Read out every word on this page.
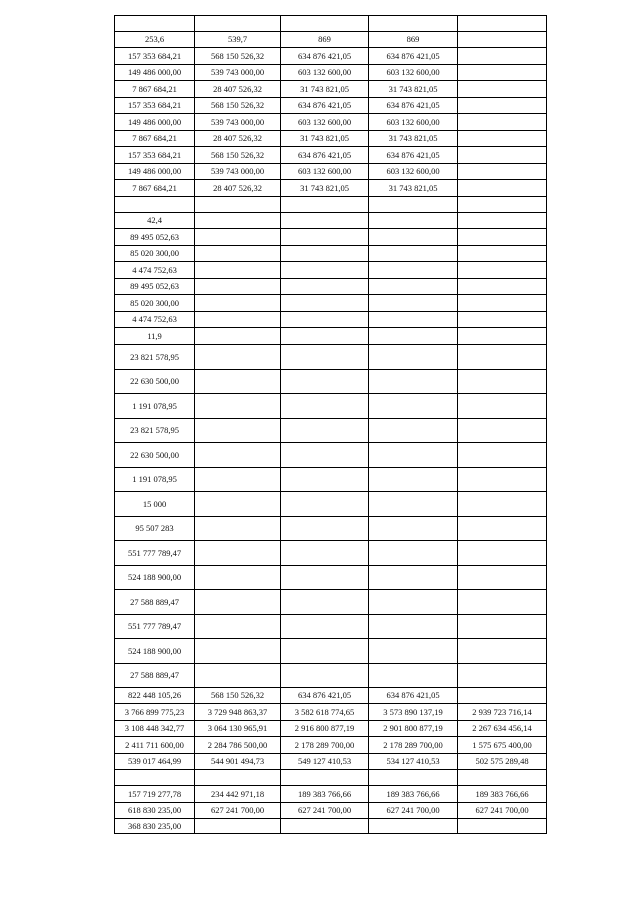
253,6	539,7	869	869	
157 353 684,21	568 150 526,32	634 876 421,05	634 876 421,05	
149 486 000,00	539 743 000,00	603 132 600,00	603 132 600,00	
7 867 684,21	28 407 526,32	31 743 821,05	31 743 821,05	
157 353 684,21	568 150 526,32	634 876 421,05	634 876 421,05	
149 486 000,00	539 743 000,00	603 132 600,00	603 132 600,00	
7 867 684,21	28 407 526,32	31 743 821,05	31 743 821,05	
157 353 684,21	568 150 526,32	634 876 421,05	634 876 421,05	
149 486 000,00	539 743 000,00	603 132 600,00	603 132 600,00	
7 867 684,21	28 407 526,32	31 743 821,05	31 743 821,05	

42,4				
89 495 052,63				
85 020 300,00				
4 474 752,63				
89 495 052,63				
85 020 300,00				
4 474 752,63				
11,9				
23 821 578,95				
22 630 500,00				
1 191 078,95				
23 821 578,95				
22 630 500,00				
1 191 078,95				
15 000				
95 507 283				
551 777 789,47				
524 188 900,00				
27 588 889,47				
551 777 789,47				
524 188 900,00				
27 588 889,47				
822 448 105,26	568 150 526,32	634 876 421,05	634 876 421,05	
3 766 899 775,23	3 729 948 863,37	3 582 618 774,65	3 573 890 137,19	2 939 723 716,14
3 108 448 342,77	3 064 130 965,91	2 916 800 877,19	2 901 800 877,19	2 267 634 456,14
2 411 711 600,00	2 284 786 500,00	2 178 289 700,00	2 178 289 700,00	1 575 675 400,00
539 017 464,99	544 901 494,73	549 127 410,53	534 127 410,53	502 575 289,48

157 719 277,78	234 442 971,18	189 383 766,66	189 383 766,66	189 383 766,66
618 830 235,00	627 241 700,00	627 241 700,00	627 241 700,00	627 241 700,00
368 830 235,00				
